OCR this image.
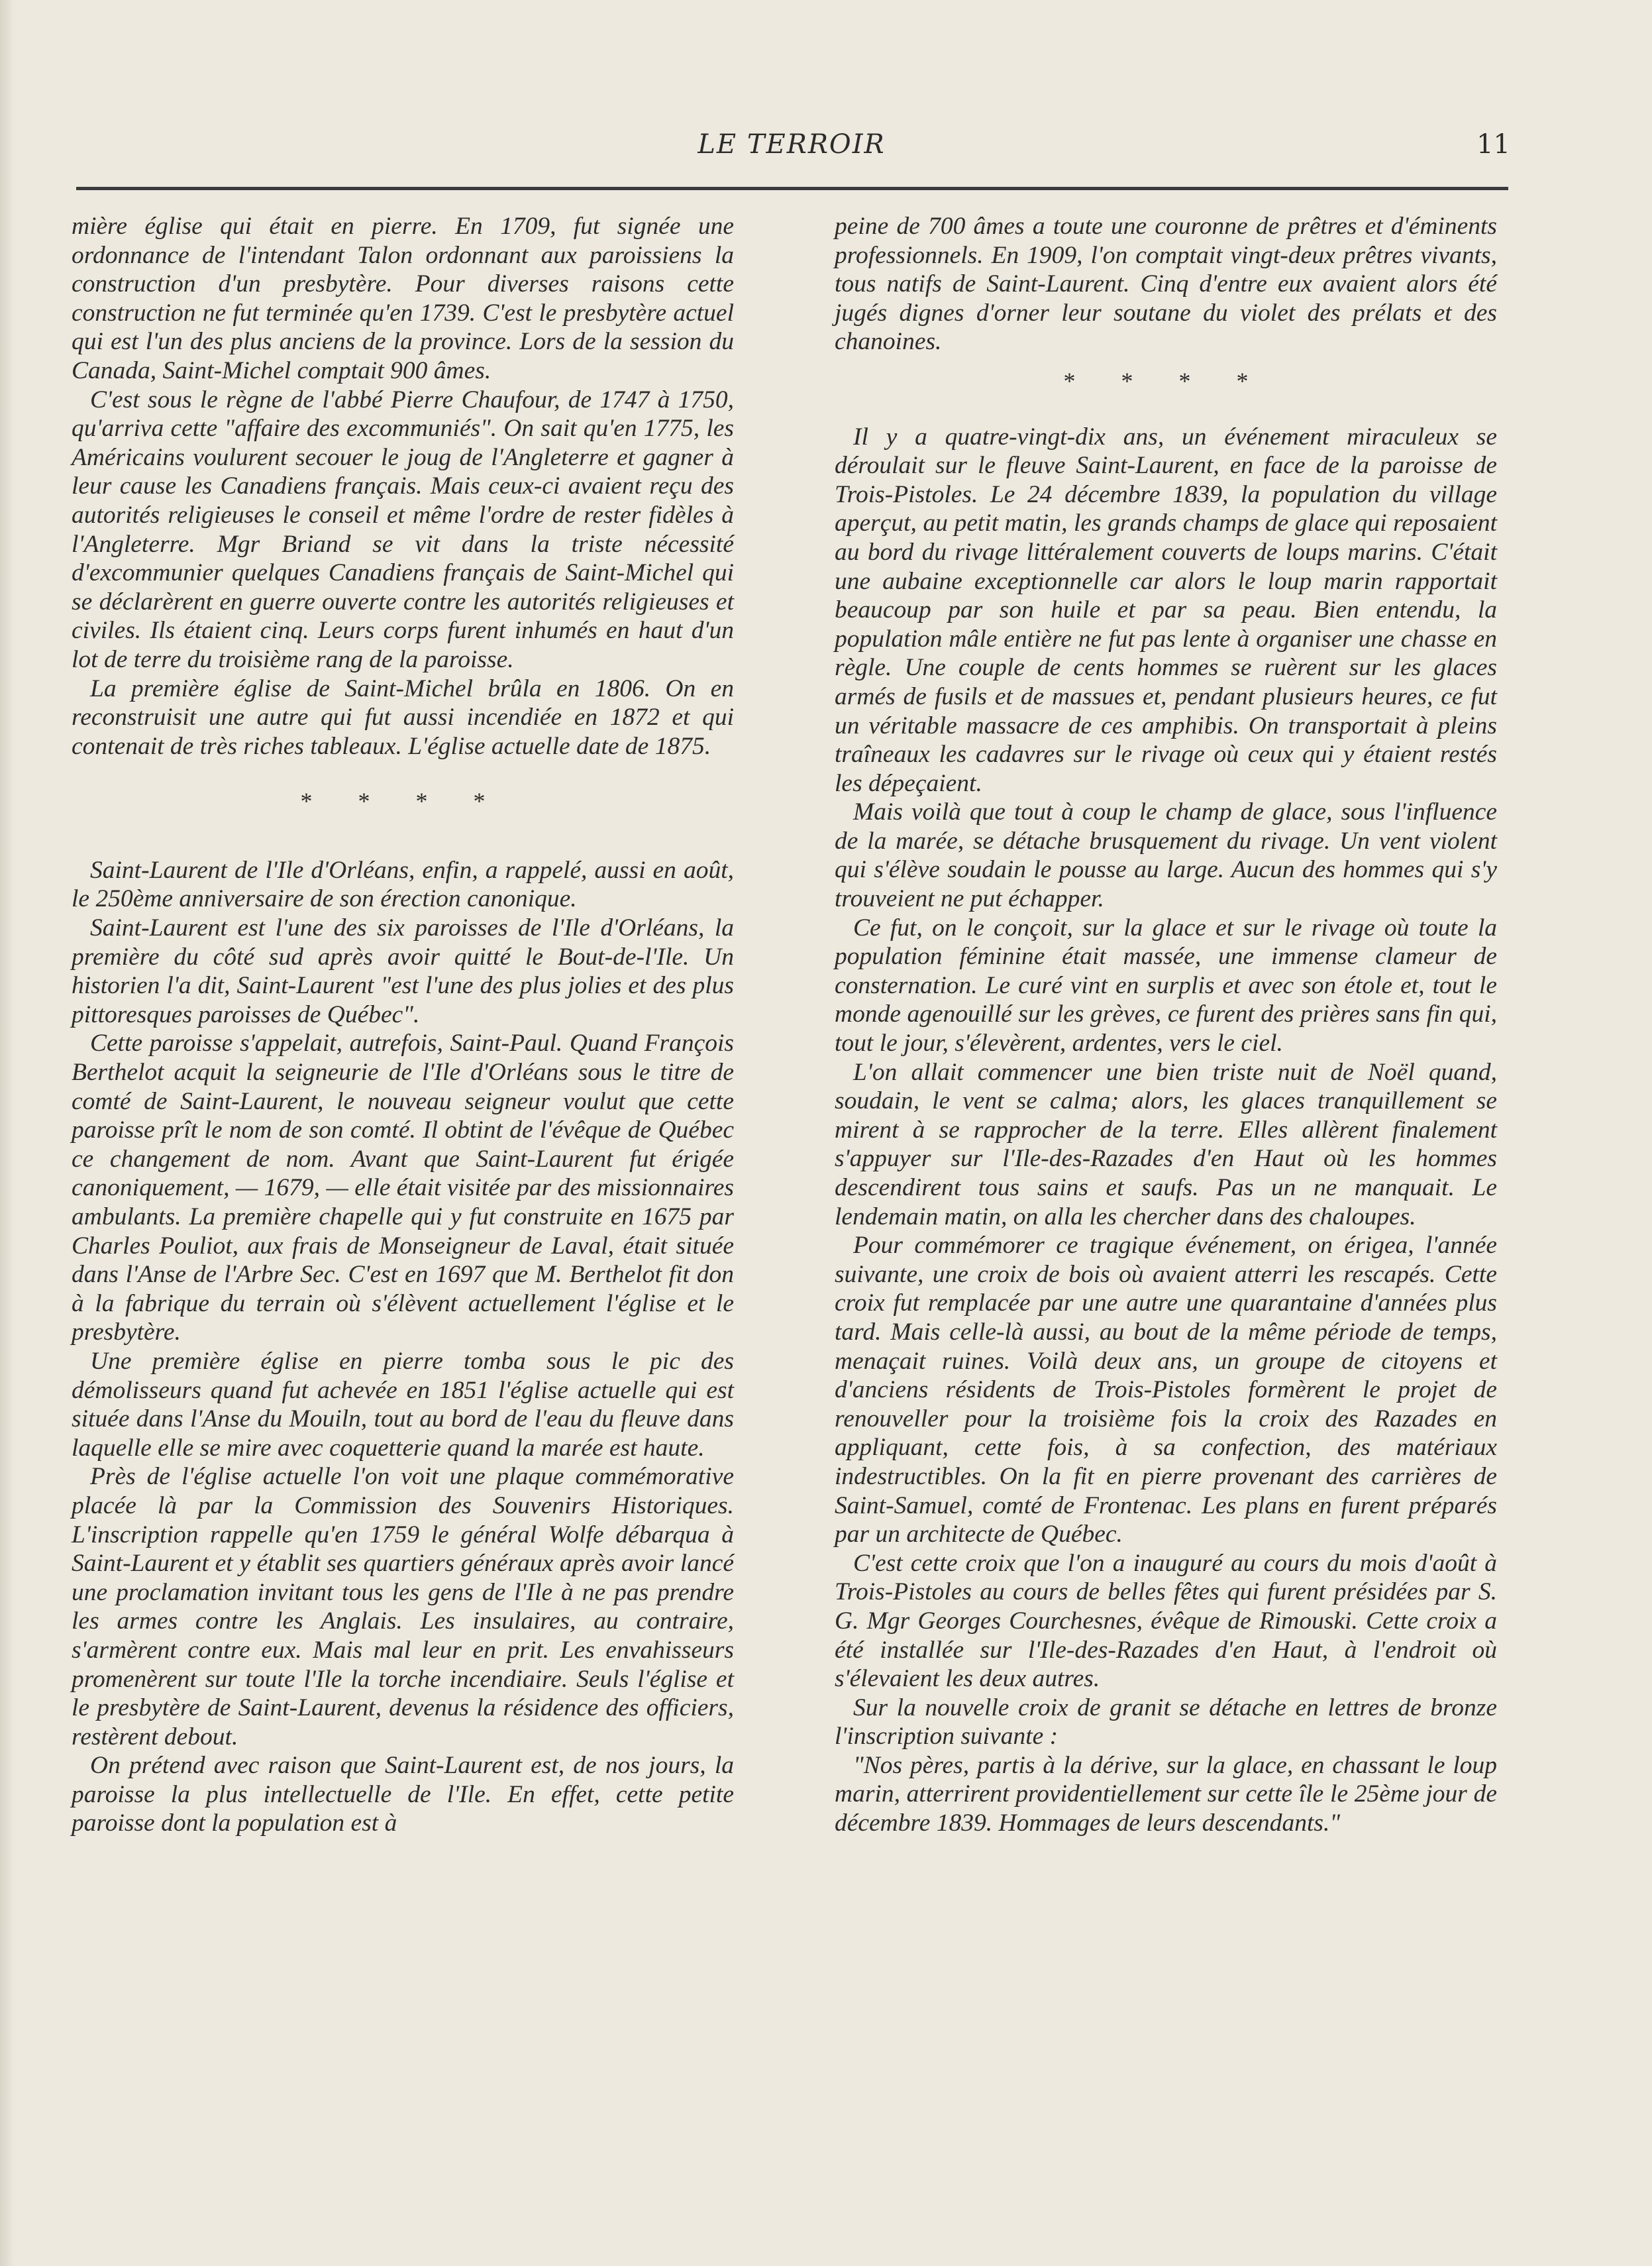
LE TERROIR	11

mière église qui était en pierre. En 1709, fut signée une ordonnance de l'intendant Talon ordonnant aux paroissiens la construction d'un presbytère. Pour diverses raisons cette construction ne fut terminée qu'en 1739. C'est le presbytère actuel qui est l'un des plus anciens de la province. Lors de la session du Canada, Saint-Michel comptait 900 âmes.

C'est sous le règne de l'abbé Pierre Chaufour, de 1747 à 1750, qu'arriva cette "affaire des excommuniés". On sait qu'en 1775, les Américains voulurent secouer le joug de l'Angleterre et gagner à leur cause les Canadiens français. Mais ceux-ci avaient reçu des autorités religieuses le conseil et même l'ordre de rester fidèles à l'Angleterre. Mgr Briand se vit dans la triste nécessité d'excommunier quelques Canadiens français de Saint-Michel qui se déclarèrent en guerre ouverte contre les autorités religieuses et civiles. Ils étaient cinq. Leurs corps furent inhumés en haut d'un lot de terre du troisième rang de la paroisse.

La première église de Saint-Michel brûla en 1806. On en reconstruisit une autre qui fut aussi incendiée en 1872 et qui contenait de très riches tableaux. L'église actuelle date de 1875.

* * * *

Saint-Laurent de l'Ile d'Orléans, enfin, a rappelé, aussi en août, le 250ème anniversaire de son érection canonique.

Saint-Laurent est l'une des six paroisses de l'Ile d'Orléans, la première du côté sud après avoir quitté le Bout-de-l'Ile. Un historien l'a dit, Saint-Laurent "est l'une des plus jolies et des plus pittoresques paroisses de Québec".

Cette paroisse s'appelait, autrefois, Saint-Paul. Quand François Berthelot acquit la seigneurie de l'Ile d'Orléans sous le titre de comté de Saint-Laurent, le nouveau seigneur voulut que cette paroisse prît le nom de son comté. Il obtint de l'évêque de Québec ce changement de nom. Avant que Saint-Laurent fut érigée canoniquement, — 1679, — elle était visitée par des missionnaires ambulants. La première chapelle qui y fut construite en 1675 par Charles Pouliot, aux frais de Monseigneur de Laval, était située dans l'Anse de l'Arbre Sec. C'est en 1697 que M. Berthelot fit don à la fabrique du terrain où s'élèvent actuellement l'église et le presbytère.

Une première église en pierre tomba sous le pic des démolisseurs quand fut achevée en 1851 l'église actuelle qui est située dans l'Anse du Mouiln, tout au bord de l'eau du fleuve dans laquelle elle se mire avec coquetterie quand la marée est haute.

Près de l'église actuelle l'on voit une plaque commémorative placée là par la Commission des Souvenirs Historiques. L'inscription rappelle qu'en 1759 le général Wolfe débarqua à Saint-Laurent et y établit ses quartiers généraux après avoir lancé une proclamation invitant tous les gens de l'Ile à ne pas prendre les armes contre les Anglais. Les insulaires, au contraire, s'armèrent contre eux. Mais mal leur en prit. Les envahisseurs promenèrent sur toute l'Ile la torche incendiaire. Seuls l'église et le presbytère de Saint-Laurent, devenus la résidence des officiers, restèrent debout.

On prétend avec raison que Saint-Laurent est, de nos jours, la paroisse la plus intellectuelle de l'Ile. En effet, cette petite paroisse dont la population est à

peine de 700 âmes a toute une couronne de prêtres et d'éminents professionnels. En 1909, l'on comptait vingt-deux prêtres vivants, tous natifs de Saint-Laurent. Cinq d'entre eux avaient alors été jugés dignes d'orner leur soutane du violet des prélats et des chanoines.

* * * *

Il y a quatre-vingt-dix ans, un événement miraculeux se déroulait sur le fleuve Saint-Laurent, en face de la paroisse de Trois-Pistoles. Le 24 décembre 1839, la population du village aperçut, au petit matin, les grands champs de glace qui reposaient au bord du rivage littéralement couverts de loups marins. C'était une aubaine exceptionnelle car alors le loup marin rapportait beaucoup par son huile et par sa peau. Bien entendu, la population mâle entière ne fut pas lente à organiser une chasse en règle. Une couple de cents hommes se ruèrent sur les glaces armés de fusils et de massues et, pendant plusieurs heures, ce fut un véritable massacre de ces amphibis. On transportait à pleins traîneaux les cadavres sur le rivage où ceux qui y étaient restés les dépeçaient.

Mais voilà que tout à coup le champ de glace, sous l'influence de la marée, se détache brusquement du rivage. Un vent violent qui s'élève soudain le pousse au large. Aucun des hommes qui s'y trouveient ne put échapper.

Ce fut, on le conçoit, sur la glace et sur le rivage où toute la population féminine était massée, une immense clameur de consternation. Le curé vint en surplis et avec son étole et, tout le monde agenouillé sur les grèves, ce furent des prières sans fin qui, tout le jour, s'élevèrent, ardentes, vers le ciel.

L'on allait commencer une bien triste nuit de Noël quand, soudain, le vent se calma; alors, les glaces tranquillement se mirent à se rapprocher de la terre. Elles allèrent finalement s'appuyer sur l'Ile-des-Razades d'en Haut où les hommes descendirent tous sains et saufs. Pas un ne manquait. Le lendemain matin, on alla les chercher dans des chaloupes.

Pour commémorer ce tragique événement, on érigea, l'année suivante, une croix de bois où avaient atterri les rescapés. Cette croix fut remplacée par une autre une quarantaine d'années plus tard. Mais celle-là aussi, au bout de la même période de temps, menaçait ruines. Voilà deux ans, un groupe de citoyens et d'anciens résidents de Trois-Pistoles formèrent le projet de renouveller pour la troisième fois la croix des Razades en appliquant, cette fois, à sa confection, des matériaux indestructibles. On la fit en pierre provenant des carrières de Saint-Samuel, comté de Frontenac. Les plans en furent préparés par un architecte de Québec.

C'est cette croix que l'on a inauguré au cours du mois d'août à Trois-Pistoles au cours de belles fêtes qui furent présidées par S. G. Mgr Georges Courchesnes, évêque de Rimouski. Cette croix a été installée sur l'Ile-des-Razades d'en Haut, à l'endroit où s'élevaient les deux autres.

Sur la nouvelle croix de granit se détache en lettres de bronze l'inscription suivante :

"Nos pères, partis à la dérive, sur la glace, en chassant le loup marin, atterrirent providentiellement sur cette île le 25ème jour de décembre 1839. Hommages de leurs descendants."
